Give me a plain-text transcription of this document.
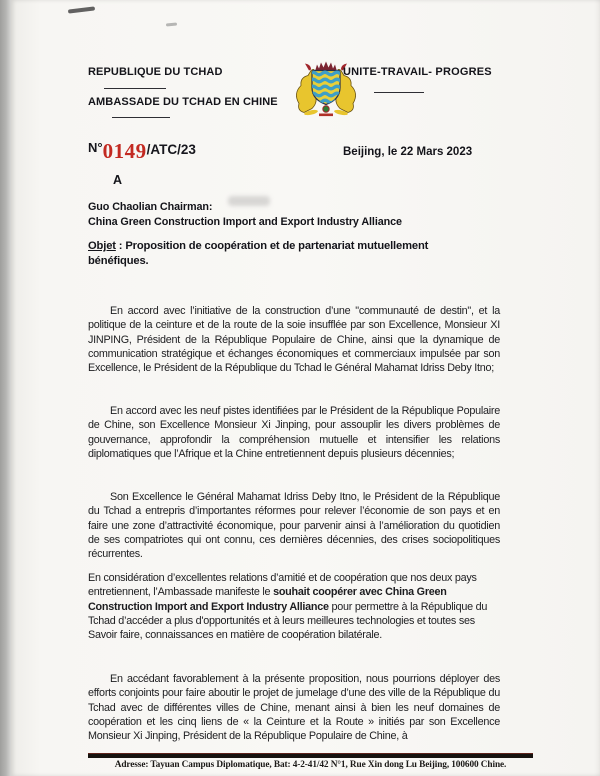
REPUBLIQUE DU TCHAD
AMBASSADE DU TCHAD EN CHINE
UNITE-TRAVAIL- PROGRES
$^{N^\circ}$0149$^{/ATC/23}$	Beijing, le 22 Mars 2023
A
Guo Chaolian Chairman:
China Green Construction Import and Export Industry Alliance
Objet : Proposition de coopération et de partenariat mutuellement bénéfiques.
En accord avec l’initiative de la construction d’une "communauté de destin", et la politique de la ceinture et de la route de la soie insufflée par son Excellence, Monsieur XI JINPING, Président de la République Populaire de Chine, ainsi que la dynamique de communication stratégique et échanges économiques et commerciaux impulsée par son Excellence, le Président de la République du Tchad le Général Mahamat Idriss Deby Itno;
En accord avec les neuf pistes identifiées par le Président de la République Populaire de Chine, son Excellence Monsieur Xi Jinping, pour assouplir les divers problèmes de gouvernance, approfondir la compréhension mutuelle et intensifier les relations diplomatiques que l’Afrique et la Chine entretiennent depuis plusieurs décennies;
Son Excellence le Général Mahamat Idriss Deby Itno, le Président de la République du Tchad a entrepris d’importantes réformes pour relever l’économie de son pays et en faire une zone d’attractivité économique, pour parvenir ainsi à l’amélioration du quotidien de ses compatriotes qui ont connu, ces dernières décennies, des crises sociopolitiques récurrentes.
En considération d’excellentes relations d’amitié et de coopération que nos deux pays entretiennent, l’Ambassade manifeste le souhait coopérer avec China Green Construction Import and Export Industry Alliance pour permettre à la République du Tchad d’accéder a plus d'opportunités et à leurs meilleures technologies et toutes ses Savoir faire, connaissances en matière de coopération bilatérale.
En accédant favorablement à la présente proposition, nous pourrions déployer des efforts conjoints pour faire aboutir le projet de jumelage d’une des ville de la République du Tchad avec de différentes villes de Chine, menant ainsi à bien les neuf domaines de coopération et les cinq liens de « la Ceinture et la Route » initiés par son Excellence Monsieur Xi Jinping, Président de la République Populaire de Chine, à
Adresse: Tayuan Campus Diplomatique, Bat: 4-2-41/42 N°1, Rue Xin dong Lu Beijing, 100600 Chine.
